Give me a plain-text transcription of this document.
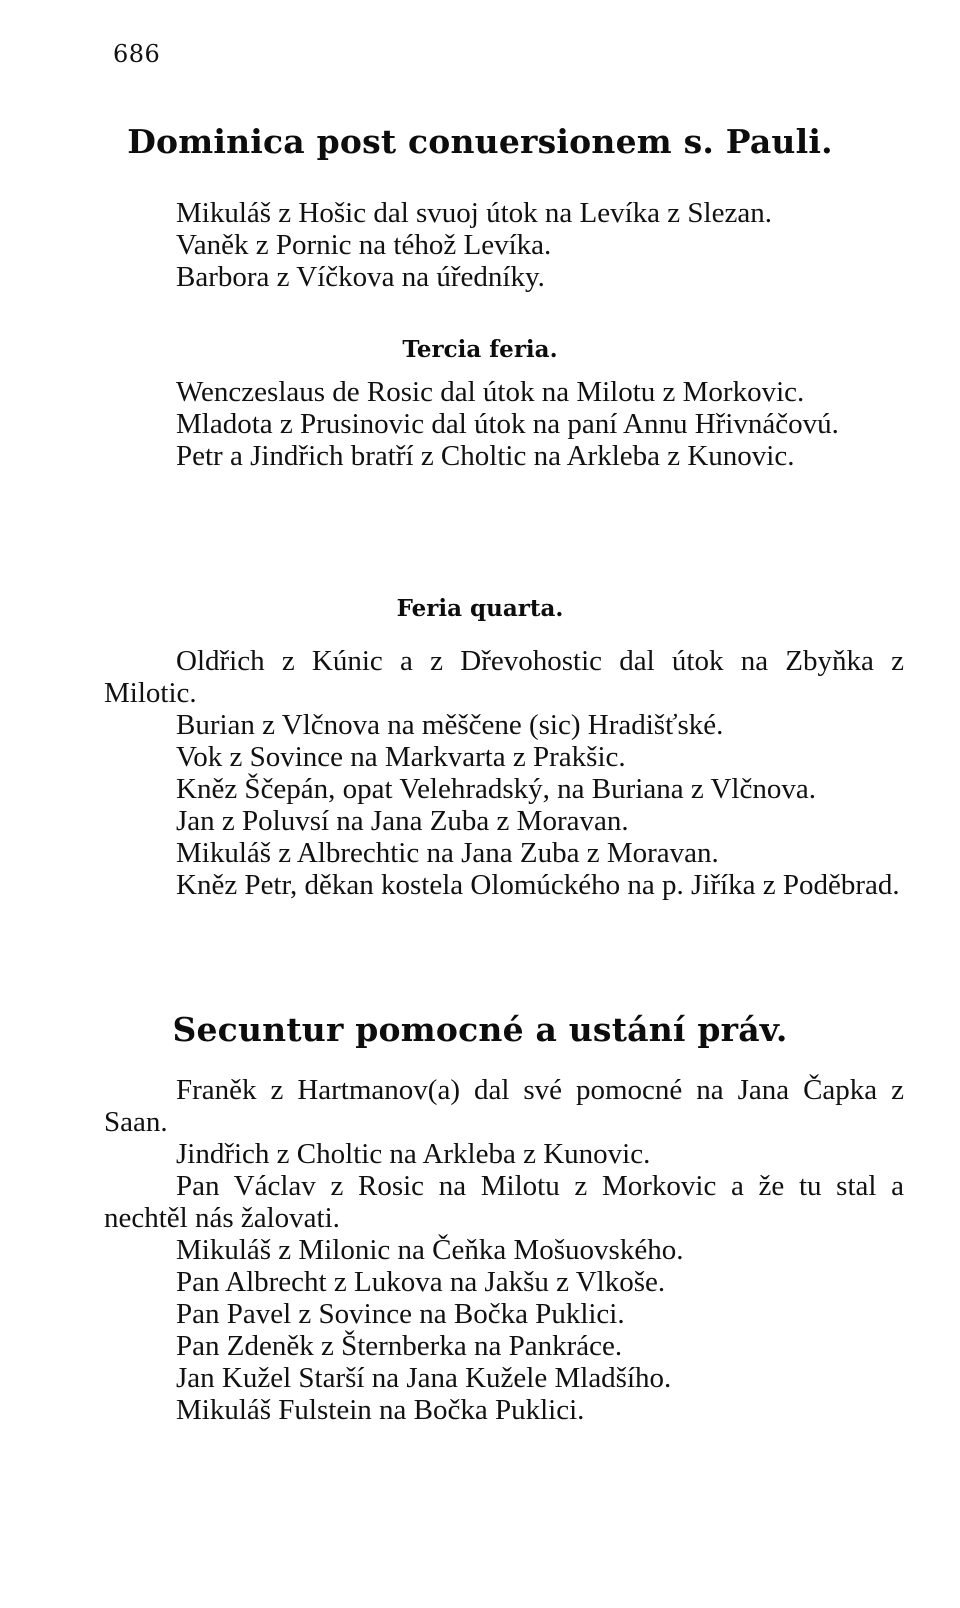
686
Dominica post conuersionem s. Pauli.

Mikuláš z Hošic dal svuoj útok na Levíka z Slezan.

Vaněk z Pornic na téhož Levíka.

Barbora z Víčkova na úředníky.

Tercia feria.

Wenczeslaus de Rosic dal útok na Milotu z Morkovic.

Mladota z Prusinovic dal útok na paní Annu Hřivnáčovú.

Petr a Jindřich bratří z Choltic na Arkleba z Kunovic.

Feria quarta.

Oldřich z Kúnic a z Dřevohostic dal útok na Zbyňka z Milotic.

Burian z Vlčnova na měščene (sic) Hradišťské.

Vok z Sovince na Markvarta z Prakšic.

Kněz Ščepán, opat Velehradský, na Buriana z Vlčnova.

Jan z Poluvsí na Jana Zuba z Moravan.

Mikuláš z Albrechtic na Jana Zuba z Moravan.

Kněz Petr, děkan kostela Olomúckého na p. Jiříka z Poděbrad.

Secuntur pomocné a ustání práv.

Franěk z Hartmanov(a) dal své pomocné na Jana Čapka z Saan.

Jindřich z Choltic na Arkleba z Kunovic.

Pan Václav z Rosic na Milotu z Morkovic a že tu stal a nechtěl nás žalovati.

Mikuláš z Milonic na Čeňka Mošuovského.

Pan Albrecht z Lukova na Jakšu z Vlkoše.

Pan Pavel z Sovince na Bočka Puklici.

Pan Zdeněk z Šternberka na Pankráce.

Jan Kužel Starší na Jana Kužele Mladšího.

Mikuláš Fulstein na Bočka Puklici.
